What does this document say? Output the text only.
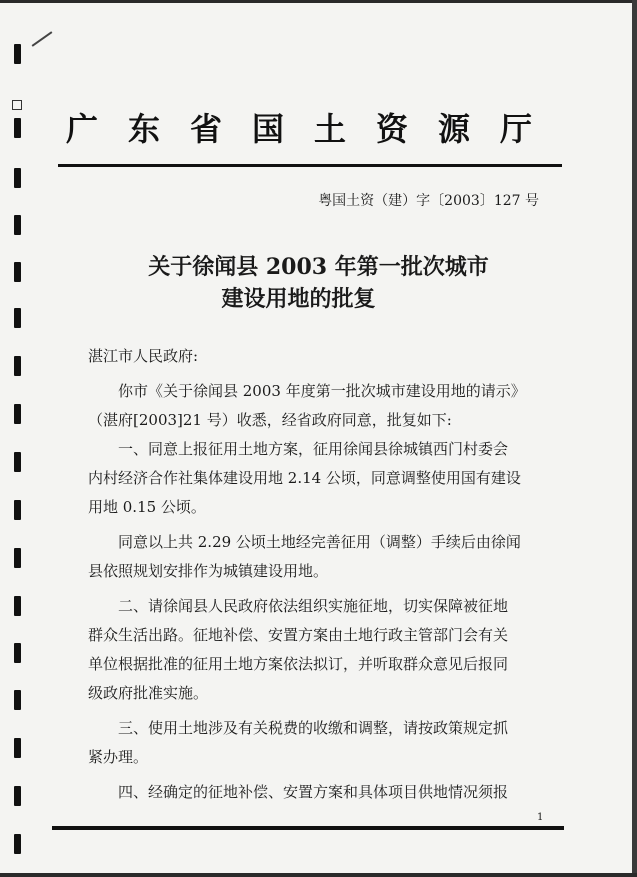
广东省国土资源厅
粤国土资（建）字〔2003〕127 号
关于徐闻县 2003 年第一批次城市
建设用地的批复

湛江市人民政府:

你市《关于徐闻县 2003 年度第一批次城市建设用地的请示》

（湛府[2003]21 号）收悉，经省政府同意，批复如下:

一、同意上报征用土地方案，征用徐闻县徐城镇西门村委会

内村经济合作社集体建设用地 2.14 公顷，同意调整使用国有建设

用地 0.15 公顷。

同意以上共 2.29 公顷土地经完善征用（调整）手续后由徐闻

县依照规划安排作为城镇建设用地。

二、请徐闻县人民政府依法组织实施征地，切实保障被征地

群众生活出路。征地补偿、安置方案由土地行政主管部门会有关

单位根据批准的征用土地方案依法拟订，并听取群众意见后报同

级政府批准实施。

三、使用土地涉及有关税费的收缴和调整，请按政策规定抓

紧办理。

四、经确定的征地补偿、安置方案和具体项目供地情况须报

1
